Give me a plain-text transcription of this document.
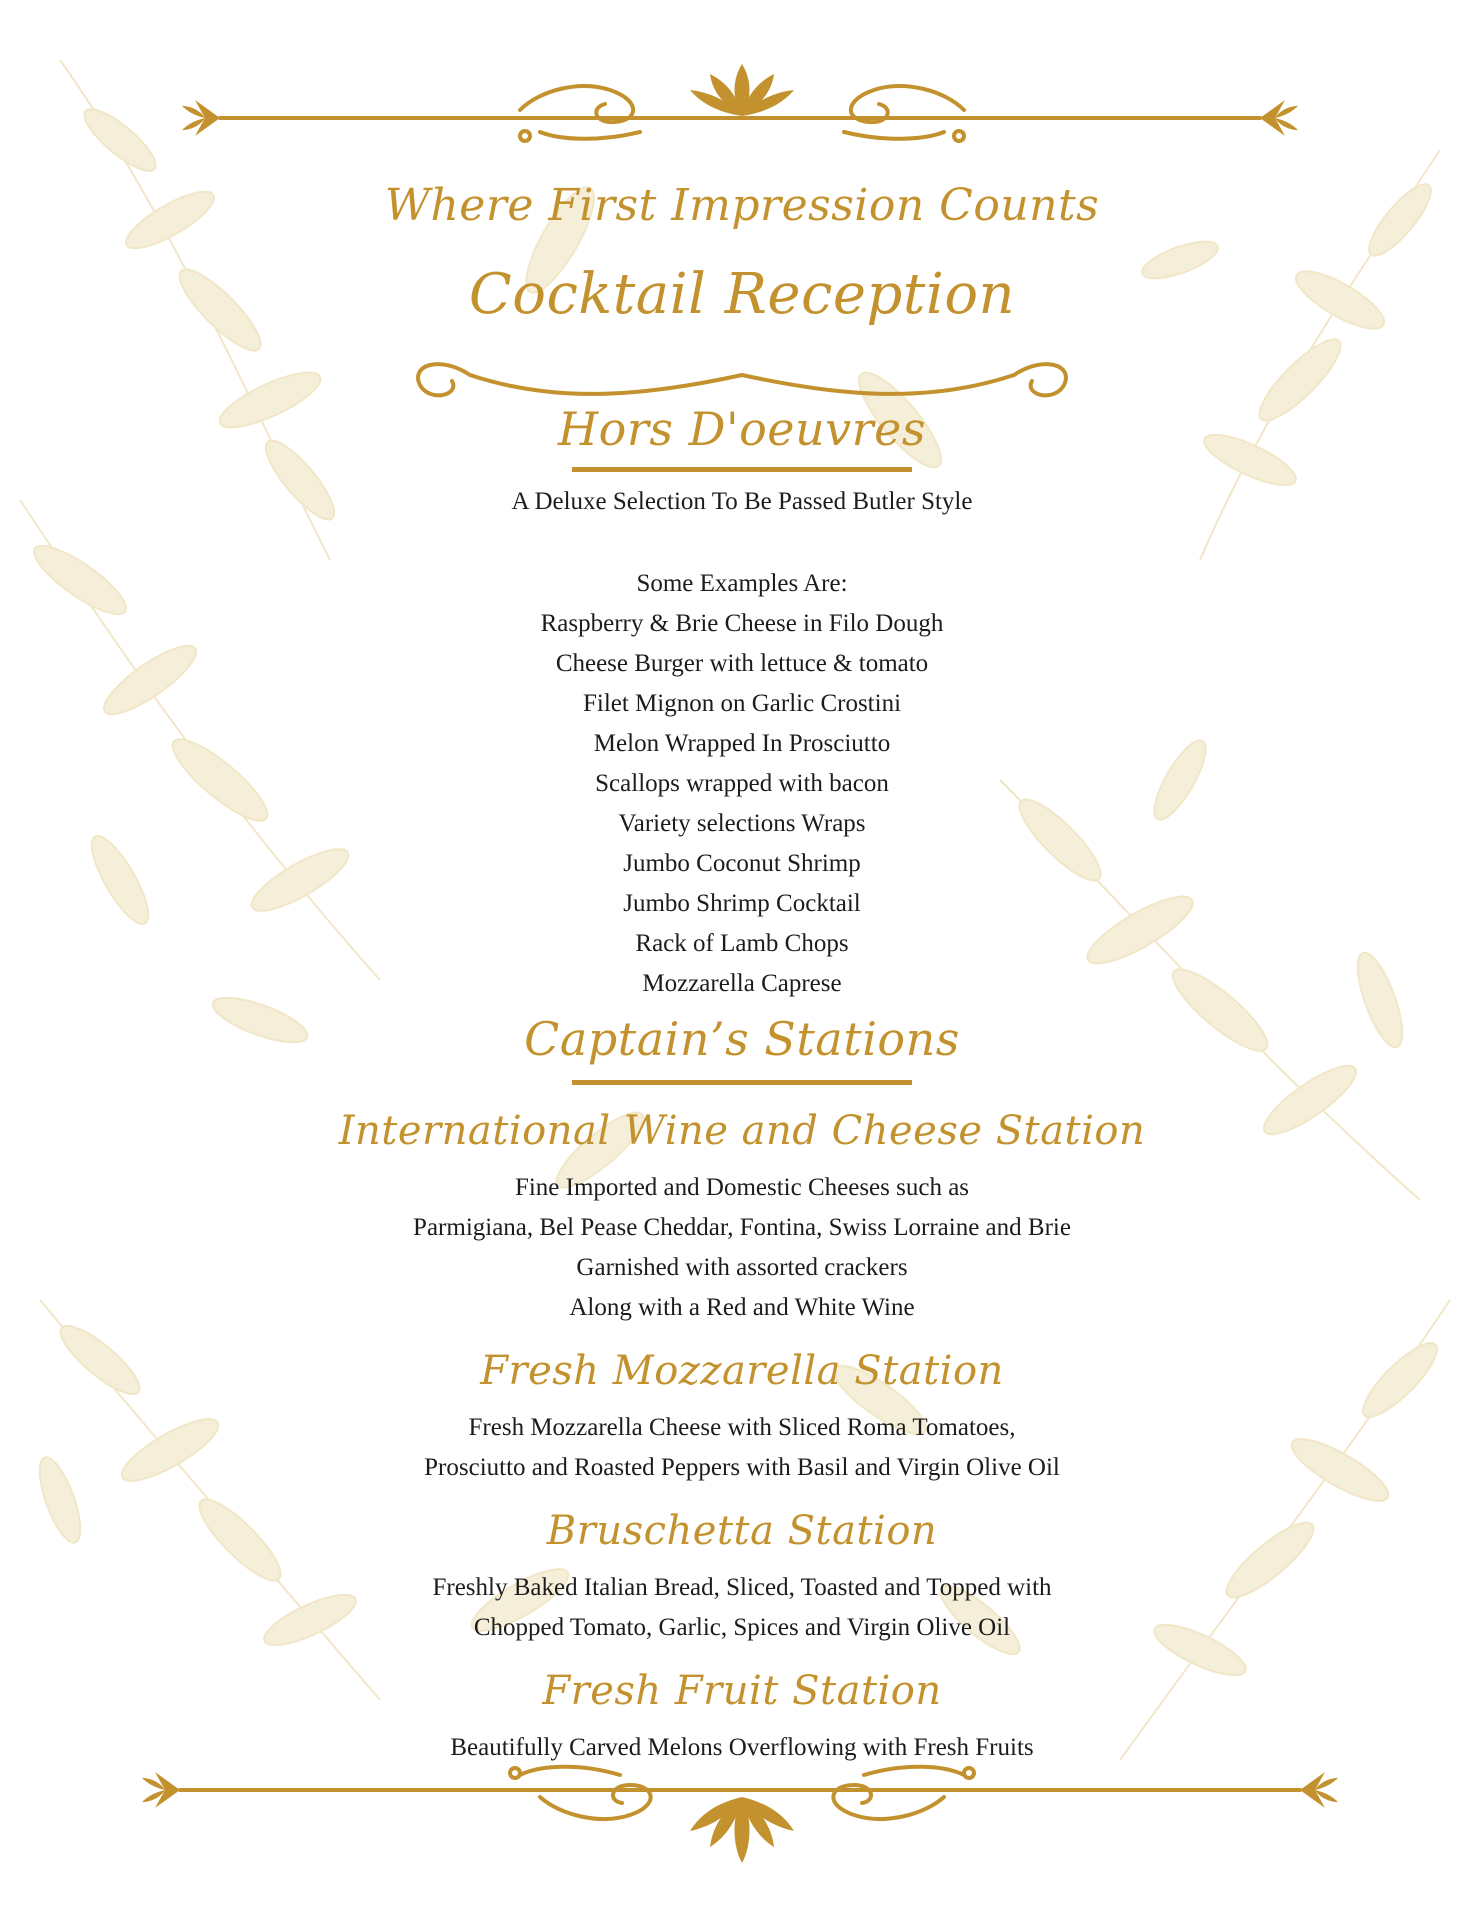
Where First Impression Counts
Cocktail Reception
Hors D'oeuvres

A Deluxe Selection To Be Passed Butler Style

Some Examples Are:

Raspberry & Brie Cheese in Filo Dough
Cheese Burger with lettuce & tomato
Filet Mignon on Garlic Crostini
Melon Wrapped In Prosciutto
Scallops wrapped with bacon
Variety selections Wraps
Jumbo Coconut Shrimp
Jumbo Shrimp Cocktail
Rack of Lamb Chops
Mozzarella Caprese
Captain’s Stations
International Wine and Cheese Station
Fine Imported and Domestic Cheeses such as
Parmigiana, Bel Pease Cheddar, Fontina, Swiss Lorraine and Brie
Garnished with assorted crackers
Along with a Red and White Wine
Fresh Mozzarella Station
Fresh Mozzarella Cheese with Sliced Roma Tomatoes,
Prosciutto and Roasted Peppers with Basil and Virgin Olive Oil
Bruschetta Station
Freshly Baked Italian Bread, Sliced, Toasted and Topped with
Chopped Tomato, Garlic, Spices and Virgin Olive Oil
Fresh Fruit Station
Beautifully Carved Melons Overflowing with Fresh Fruits
